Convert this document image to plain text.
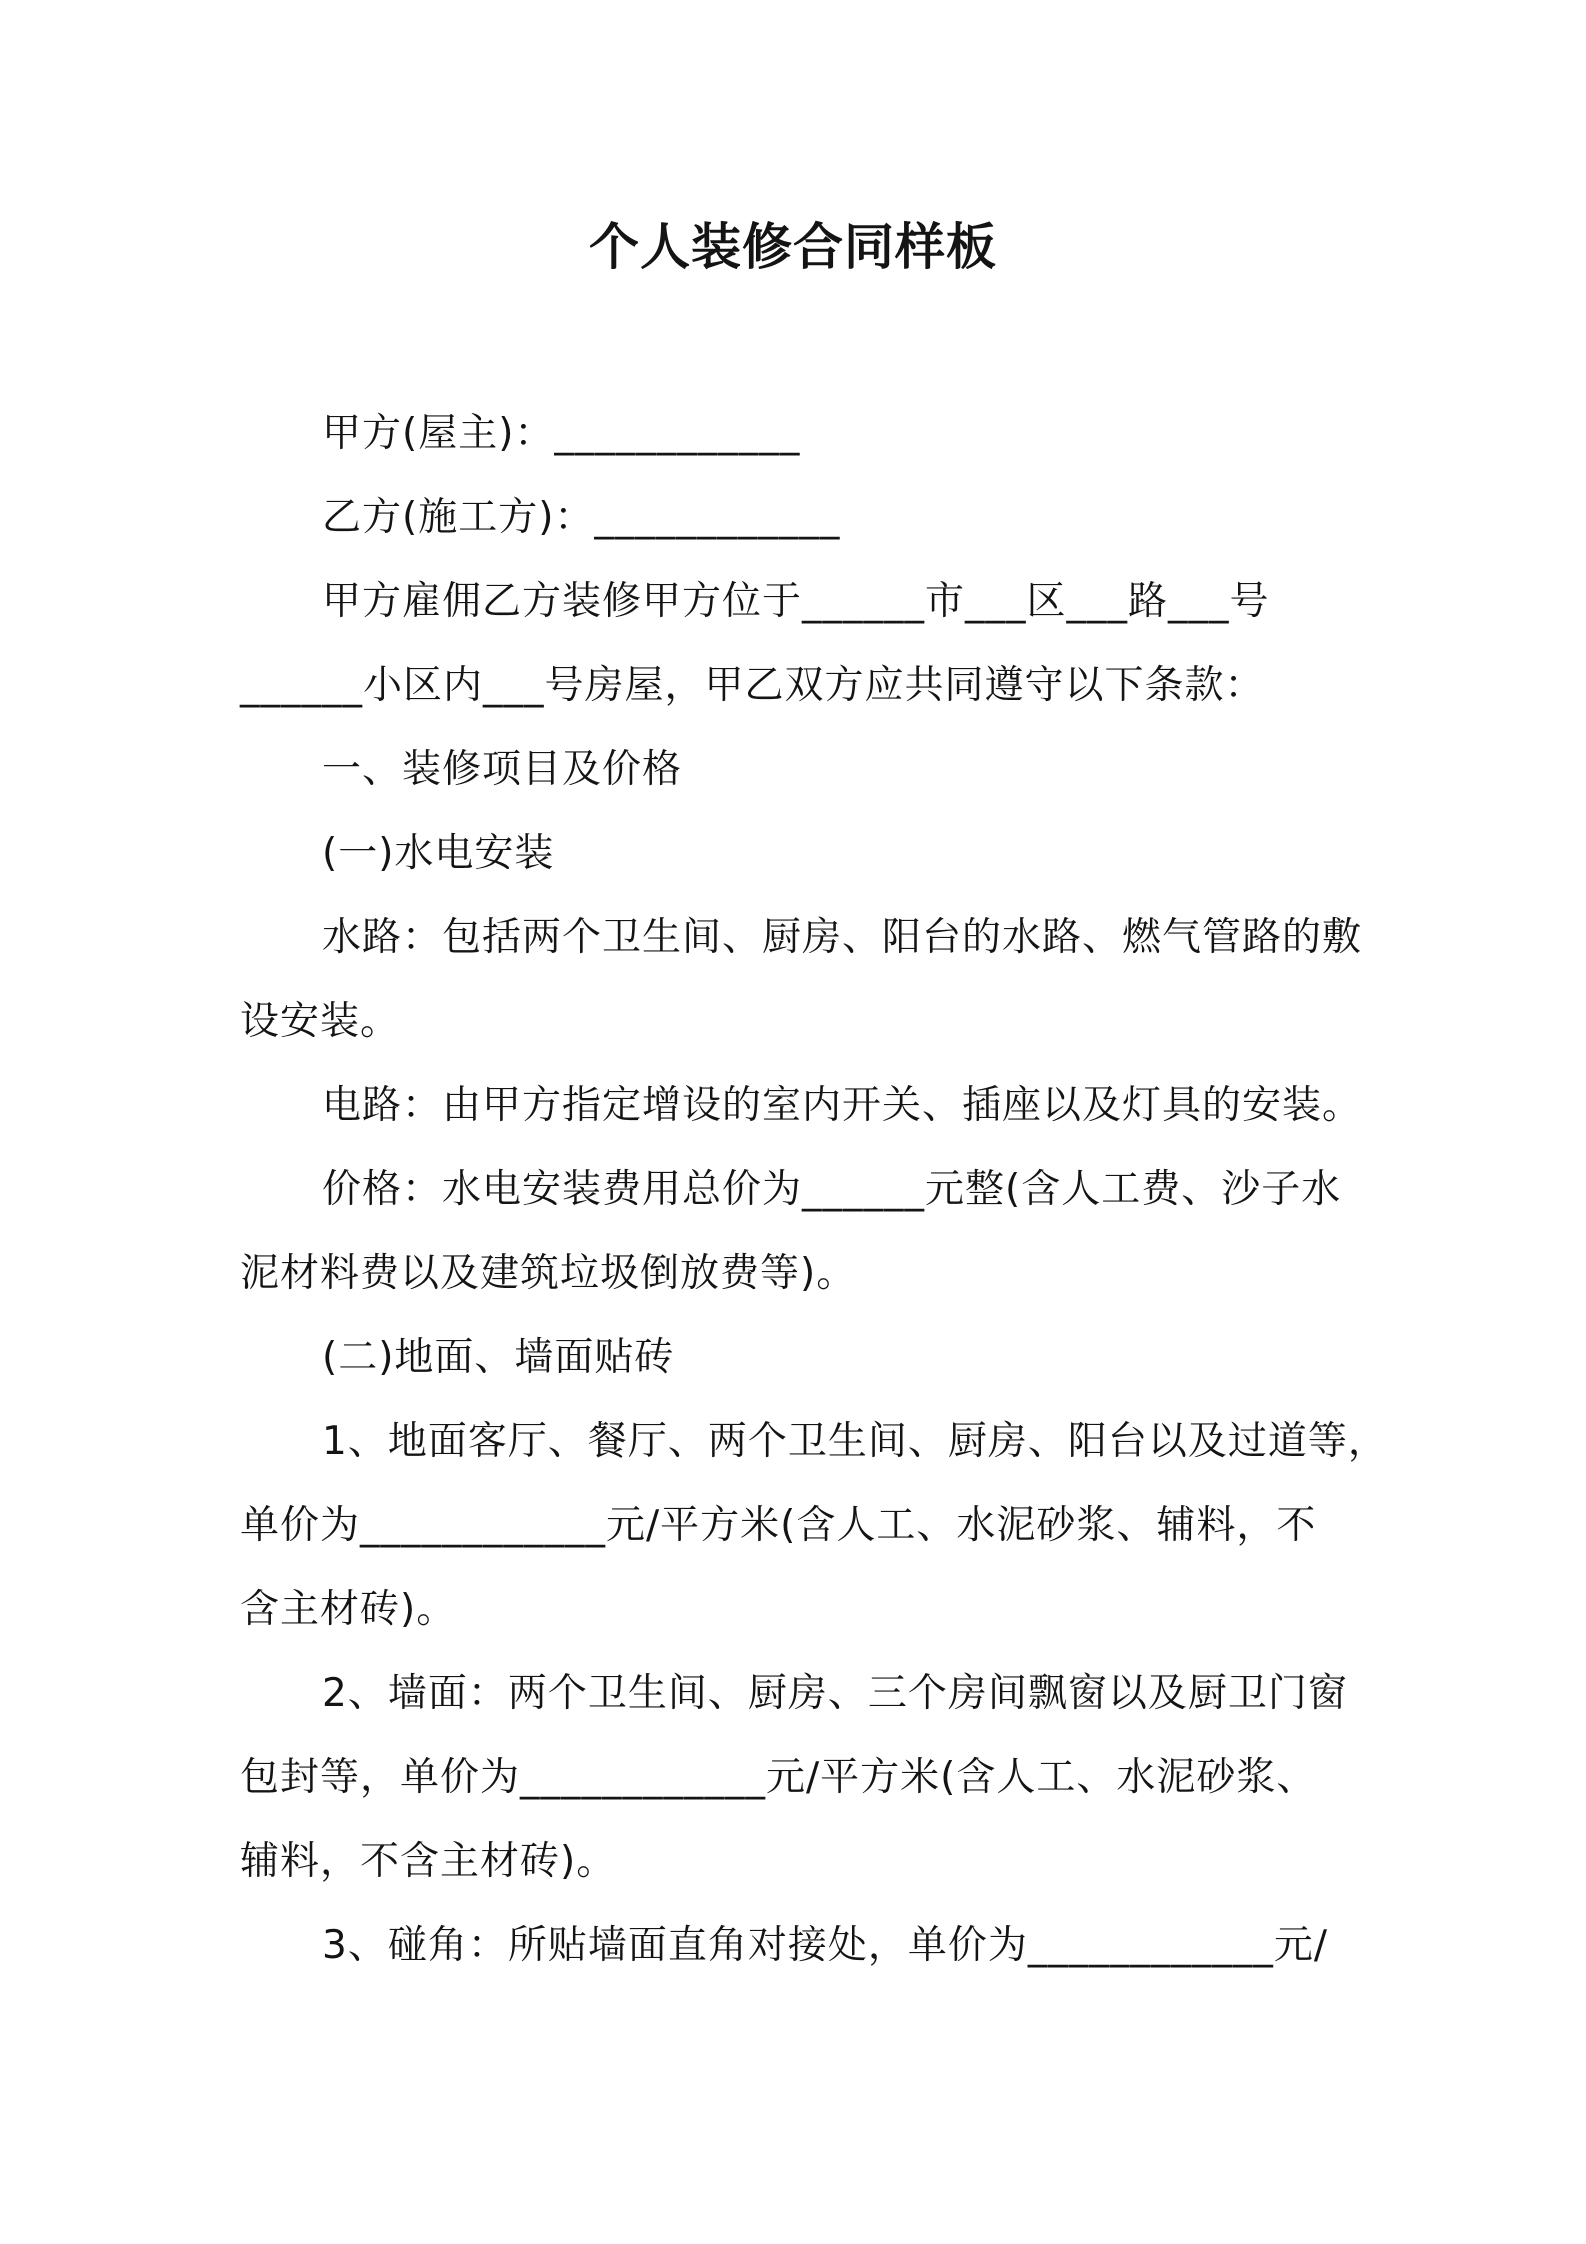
个人装修合同样板
甲方(屋主)：____________
乙方(施工方)：____________
甲方雇佣乙方装修甲方位于______市___区___路___号
______小区内___号房屋，甲乙双方应共同遵守以下条款：
一、装修项目及价格
(一)水电安装
水路：包括两个卫生间、厨房、阳台的水路、燃气管路的敷
设安装。
电路：由甲方指定增设的室内开关、插座以及灯具的安装。
价格：水电安装费用总价为______元整(含人工费、沙子水
泥材料费以及建筑垃圾倒放费等)。
(二)地面、墙面贴砖
1、地面客厅、餐厅、两个卫生间、厨房、阳台以及过道等，
单价为____________元/平方米(含人工、水泥砂浆、辅料，不
含主材砖)。
2、墙面：两个卫生间、厨房、三个房间飘窗以及厨卫门窗
包封等，单价为____________元/平方米(含人工、水泥砂浆、
辅料，不含主材砖)。
3、碰角：所贴墙面直角对接处，单价为____________元/
